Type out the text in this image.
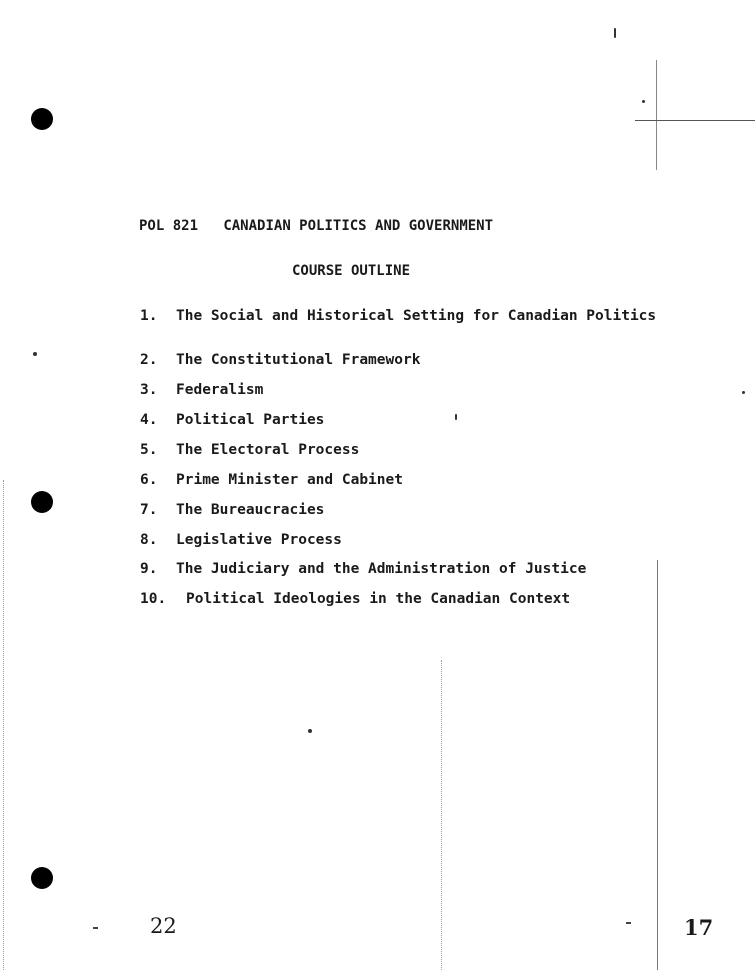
POL 821 CANADIAN POLITICS AND GOVERNMENT
COURSE OUTLINE
1. The Social and Historical Setting for Canadian Politics
2. The Constitutional Framework
3. Federalism
4. Political Parties
5. The Electoral Process
6. Prime Minister and Cabinet
7. The Bureaucracies
8. Legislative Process
9. The Judiciary and the Administration of Justice
10. Political Ideologies in the Canadian Context
22	17
